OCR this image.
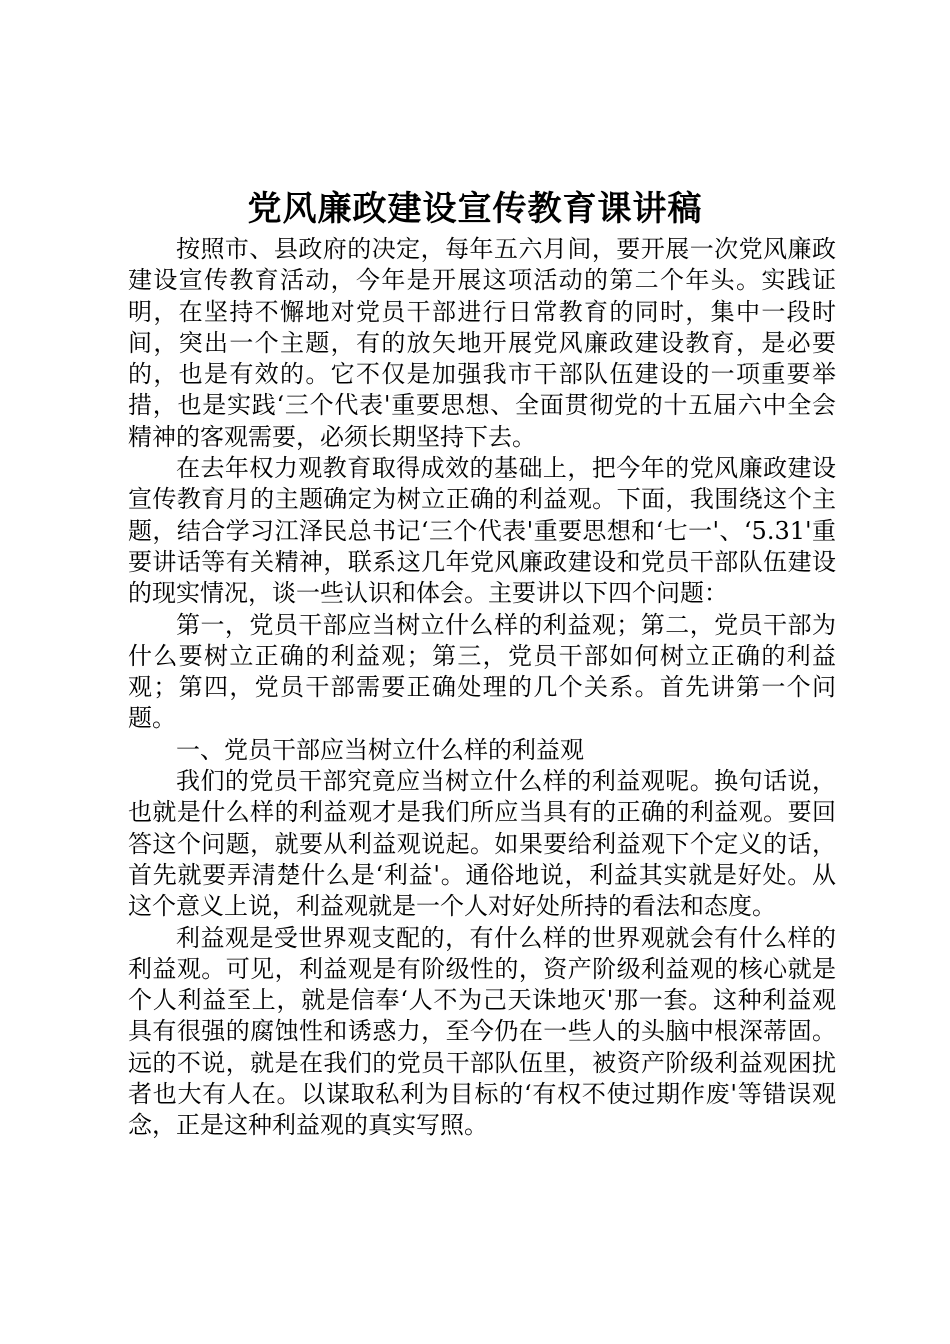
党风廉政建设宣传教育课讲稿

按照市、县政府的决定，每年五六月间，要开展一次党风廉政建设宣传教育活动，今年是开展这项活动的第二个年头。实践证明，在坚持不懈地对党员干部进行日常教育的同时，集中一段时间，突出一个主题，有的放矢地开展党风廉政建设教育，是必要的，也是有效的。它不仅是加强我市干部队伍建设的一项重要举措，也是实践‘三个代表'重要思想、全面贯彻党的十五届六中全会精神的客观需要，必须长期坚持下去。

在去年权力观教育取得成效的基础上，把今年的党风廉政建设宣传教育月的主题确定为树立正确的利益观。下面，我围绕这个主题，结合学习江泽民总书记‘三个代表'重要思想和‘七一'、‘5.31'重要讲话等有关精神，联系这几年党风廉政建设和党员干部队伍建设的现实情况，谈一些认识和体会。主要讲以下四个问题：

第一，党员干部应当树立什么样的利益观；第二，党员干部为什么要树立正确的利益观；第三，党员干部如何树立正确的利益观；第四，党员干部需要正确处理的几个关系。首先讲第一个问题。

一、党员干部应当树立什么样的利益观

我们的党员干部究竟应当树立什么样的利益观呢。换句话说，也就是什么样的利益观才是我们所应当具有的正确的利益观。要回答这个问题，就要从利益观说起。如果要给利益观下个定义的话，首先就要弄清楚什么是‘利益'。通俗地说，利益其实就是好处。从这个意义上说，利益观就是一个人对好处所持的看法和态度。

利益观是受世界观支配的，有什么样的世界观就会有什么样的利益观。可见，利益观是有阶级性的，资产阶级利益观的核心就是个人利益至上，就是信奉‘人不为己天诛地灭'那一套。这种利益观具有很强的腐蚀性和诱惑力，至今仍在一些人的头脑中根深蒂固。远的不说，就是在我们的党员干部队伍里，被资产阶级利益观困扰者也大有人在。以谋取私利为目标的‘有权不使过期作废'等错误观念，正是这种利益观的真实写照。
